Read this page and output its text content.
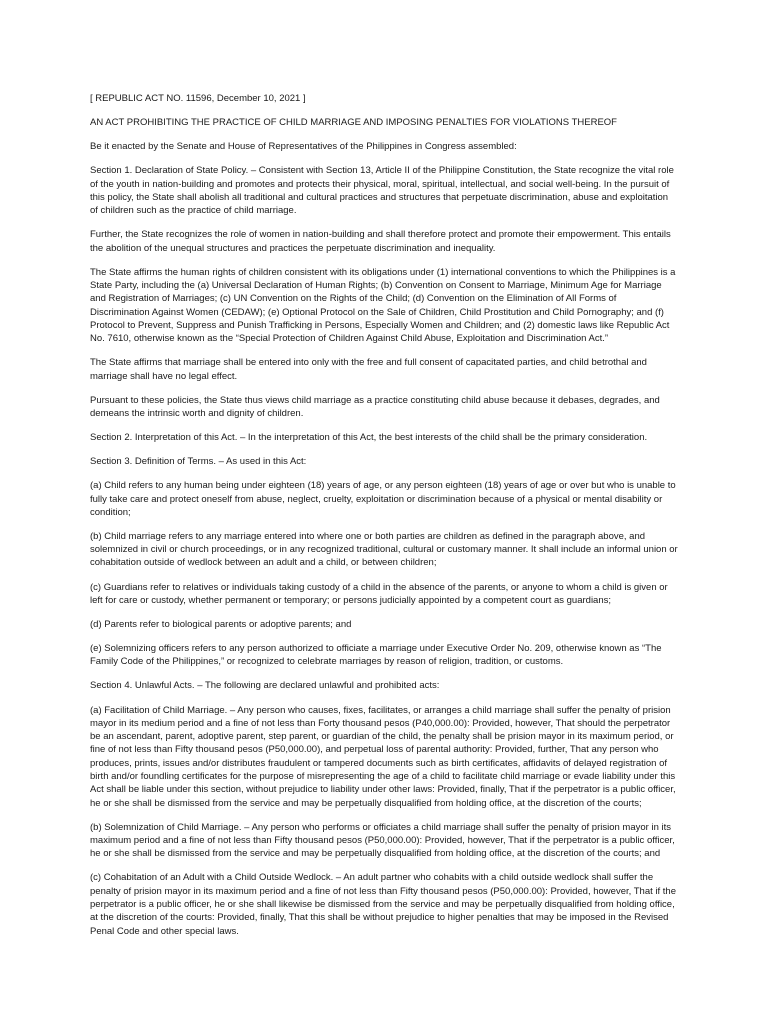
[ REPUBLIC ACT NO. 11596, December 10, 2021 ]

AN ACT PROHIBITING THE PRACTICE OF CHILD MARRIAGE AND IMPOSING PENALTIES FOR VIOLATIONS THEREOF

Be it enacted by the Senate and House of Representatives of the Philippines in Congress assembled:

Section 1. Declaration of State Policy. – Consistent with Section 13, Article II of the Philippine Constitution, the State recognize the vital role of the youth in nation-building and promotes and protects their physical, moral, spiritual, intellectual, and social well-being. In the pursuit of this policy, the State shall abolish all traditional and cultural practices and structures that perpetuate discrimination, abuse and exploitation of children such as the practice of child marriage.

Further, the State recognizes the role of women in nation-building and shall therefore protect and promote their empowerment. This entails the abolition of the unequal structures and practices the perpetuate discrimination and inequality.

The State affirms the human rights of children consistent with its obligations under (1) international conventions to which the Philippines is a State Party, including the (a) Universal Declaration of Human Rights; (b) Convention on Consent to Marriage, Minimum Age for Marriage and Registration of Marriages; (c) UN Convention on the Rights of the Child; (d) Convention on the Elimination of All Forms of Discrimination Against Women (CEDAW); (e) Optional Protocol on the Sale of Children, Child Prostitution and Child Pornography; and (f) Protocol to Prevent, Suppress and Punish Trafficking in Persons, Especially Women and Children; and (2) domestic laws like Republic Act No. 7610, otherwise known as the “Special Protection of Children Against Child Abuse, Exploitation and Discrimination Act.”

The State affirms that marriage shall be entered into only with the free and full consent of capacitated parties, and child betrothal and marriage shall have no legal effect.

Pursuant to these policies, the State thus views child marriage as a practice constituting child abuse because it debases, degrades, and demeans the intrinsic worth and dignity of children.

Section 2. Interpretation of this Act. – In the interpretation of this Act, the best interests of the child shall be the primary consideration.

Section 3. Definition of Terms. – As used in this Act:

(a) Child refers to any human being under eighteen (18) years of age, or any person eighteen (18) years of age or over but who is unable to fully take care and protect oneself from abuse, neglect, cruelty, exploitation or discrimination because of a physical or mental disability or condition;

(b) Child marriage refers to any marriage entered into where one or both parties are children as defined in the paragraph above, and solemnized in civil or church proceedings, or in any recognized traditional, cultural or customary manner. It shall include an informal union or cohabitation outside of wedlock between an adult and a child, or between children;

(c) Guardians refer to relatives or individuals taking custody of a child in the absence of the parents, or anyone to whom a child is given or left for care or custody, whether permanent or temporary; or persons judicially appointed by a competent court as guardians;

(d) Parents refer to biological parents or adoptive parents; and

(e) Solemnizing officers refers to any person authorized to officiate a marriage under Executive Order No. 209, otherwise known as “The Family Code of the Philippines,” or recognized to celebrate marriages by reason of religion, tradition, or customs.

Section 4. Unlawful Acts. – The following are declared unlawful and prohibited acts:

(a) Facilitation of Child Marriage. – Any person who causes, fixes, facilitates, or arranges a child marriage shall suffer the penalty of prision mayor in its medium period and a fine of not less than Forty thousand pesos (P40,000.00): Provided, however, That should the perpetrator be an ascendant, parent, adoptive parent, step parent, or guardian of the child, the penalty shall be prision mayor in its maximum period, or fine of not less than Fifty thousand pesos (P50,000.00), and perpetual loss of parental authority: Provided, further, That any person who produces, prints, issues and/or distributes fraudulent or tampered documents such as birth certificates, affidavits of delayed registration of birth and/or foundling certificates for the purpose of misrepresenting the age of a child to facilitate child marriage or evade liability under this Act shall be liable under this section, without prejudice to liability under other laws: Provided, finally, That if the perpetrator is a public officer, he or she shall be dismissed from the service and may be perpetually disqualified from holding office, at the discretion of the courts;

(b) Solemnization of Child Marriage. – Any person who performs or officiates a child marriage shall suffer the penalty of prision mayor in its maximum period and a fine of not less than Fifty thousand pesos (P50,000.00): Provided, however, That if the perpetrator is a public officer, he or she shall be dismissed from the service and may be perpetually disqualified from holding office, at the discretion of the courts; and

(c) Cohabitation of an Adult with a Child Outside Wedlock. – An adult partner who cohabits with a child outside wedlock shall suffer the penalty of prision mayor in its maximum period and a fine of not less than Fifty thousand pesos (P50,000.00): Provided, however, That if the perpetrator is a public officer, he or she shall likewise be dismissed from the service and may be perpetually disqualified from holding office, at the discretion of the courts: Provided, finally, That this shall be without prejudice to higher penalties that may be imposed in the Revised Penal Code and other special laws.
